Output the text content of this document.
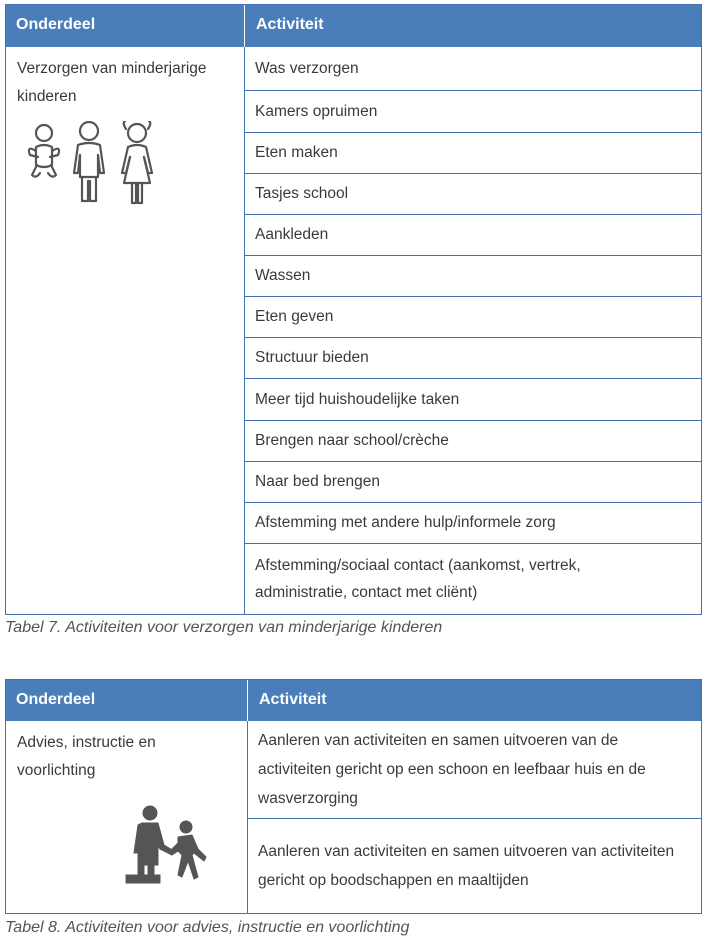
Onderdeel	Activiteit
Verzorgen van minderjarige kinderen
Was verzorgen
Kamers opruimen
Eten maken
Tasjes school
Aankleden
Wassen
Eten geven
Structuur bieden
Meer tijd huishoudelijke taken
Brengen naar school/crèche
Naar bed brengen
Afstemming met andere hulp/informele zorg
Afstemming/sociaal contact (aankomst, vertrek, administratie, contact met cliënt)
Tabel 7. Activiteiten voor verzorgen van minderjarige kinderen
Onderdeel	Activiteit
Advies, instructie en voorlichting
Aanleren van activiteiten en samen uitvoeren van de activiteiten gericht op een schoon en leefbaar huis en de wasverzorging
Aanleren van activiteiten en samen uitvoeren van activiteiten gericht op boodschappen en maaltijden
Tabel 8. Activiteiten voor advies, instructie en voorlichting
